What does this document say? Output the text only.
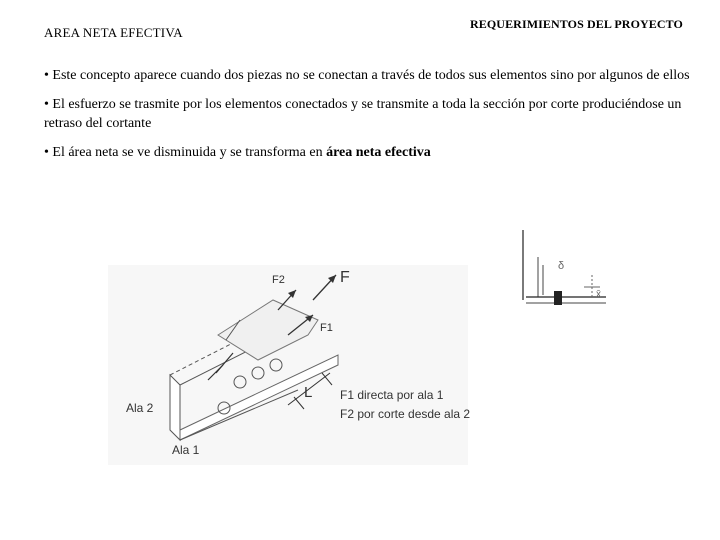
AREA NETA EFECTIVA
REQUERIMIENTOS DEL PROYECTO

• Este concepto aparece cuando dos piezas no se conectan a través de todos sus elementos sino por algunos de ellos

• El esfuerzo se trasmite por los elementos conectados y se transmite a toda la sección por corte produciéndose un retraso del cortante

• El área neta se ve disminuida y se transforma en área neta efectiva

F
F2
F1
L
Ala 2
Ala 1
F1 directa por ala 1
F2 por corte desde ala 2
δ
x̄
